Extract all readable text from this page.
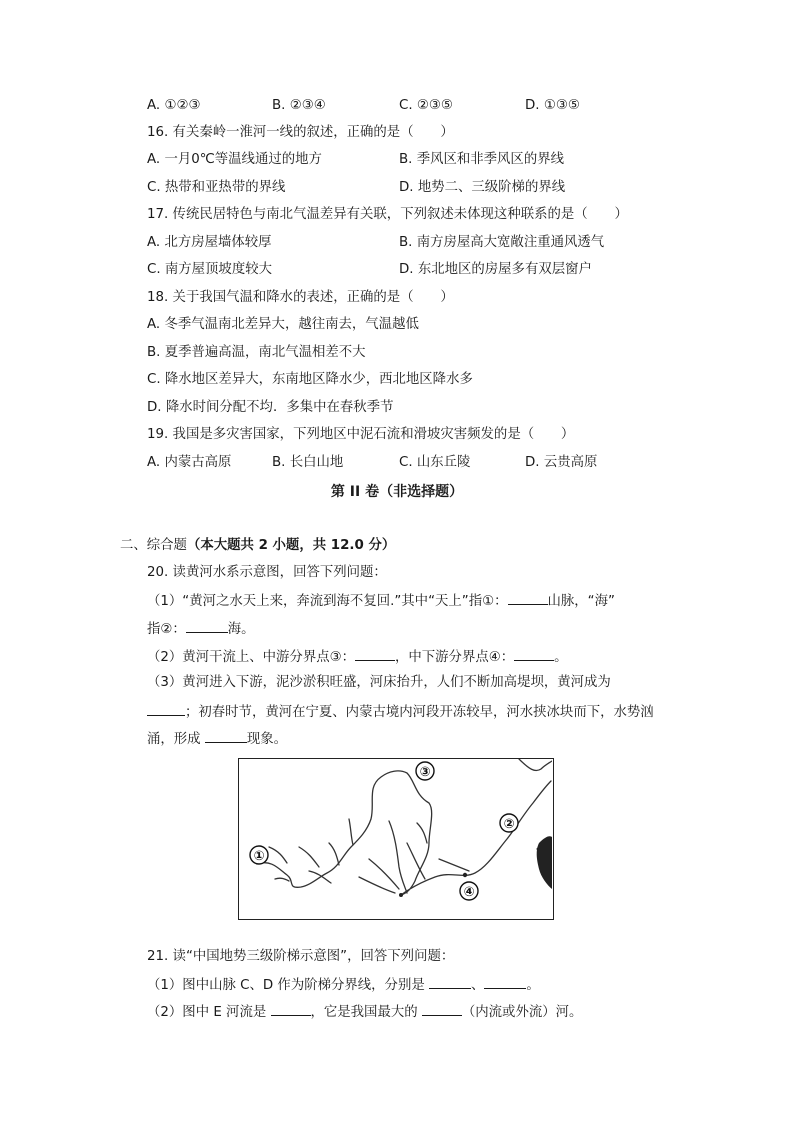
A. ①②③	B. ②③④	C. ②③⑤	D. ①③⑤
16. 有关秦岭一淮河一线的叙述，正确的是（　　）
A. 一月0℃等温线通过的地方	B. 季风区和非季风区的界线
C. 热带和亚热带的界线	D. 地势二、三级阶梯的界线
17. 传统民居特色与南北气温差异有关联，下列叙述未体现这种联系的是（　　）
A. 北方房屋墙体较厚	B. 南方房屋高大宽敞注重通风透气
C. 南方屋顶坡度较大	D. 东北地区的房屋多有双层窗户
18. 关于我国气温和降水的表述，正确的是（　　）
A. 冬季气温南北差异大，越往南去，气温越低
B. 夏季普遍高温，南北气温相差不大
C. 降水地区差异大，东南地区降水少，西北地区降水多
D. 降水时间分配不均．多集中在春秋季节
19. 我国是多灾害国家，下列地区中泥石流和滑坡灾害频发的是（　　）
A. 内蒙古高原	B. 长白山地	C. 山东丘陵	D. 云贵高原
第 II 卷（非选择题）
二、综合题（本大题共 2 小题，共 12.0 分）
20. 读黄河水系示意图，回答下列问题：
（1）“黄河之水天上来，奔流到海不复回.”其中“天上”指①：	山脉，“海”
指②：	海。
（2）黄河干流上、中游分界点③：	，中下游分界点④：	。
（3）黄河进入下游，泥沙淤积旺盛，河床抬升，人们不断加高堤坝，黄河成为
；初春时节，黄河在宁夏、内蒙古境内河段开冻较早，河水挟冰块而下，水势汹
涌，形成	现象。
①
③
②
④
21. 读“中国地势三级阶梯示意图”，回答下列问题：
（1）图中山脉 C、D 作为阶梯分界线，分别是	、	。
（2）图中 E 河流是	，它是我国最大的	（内流或外流）河。
